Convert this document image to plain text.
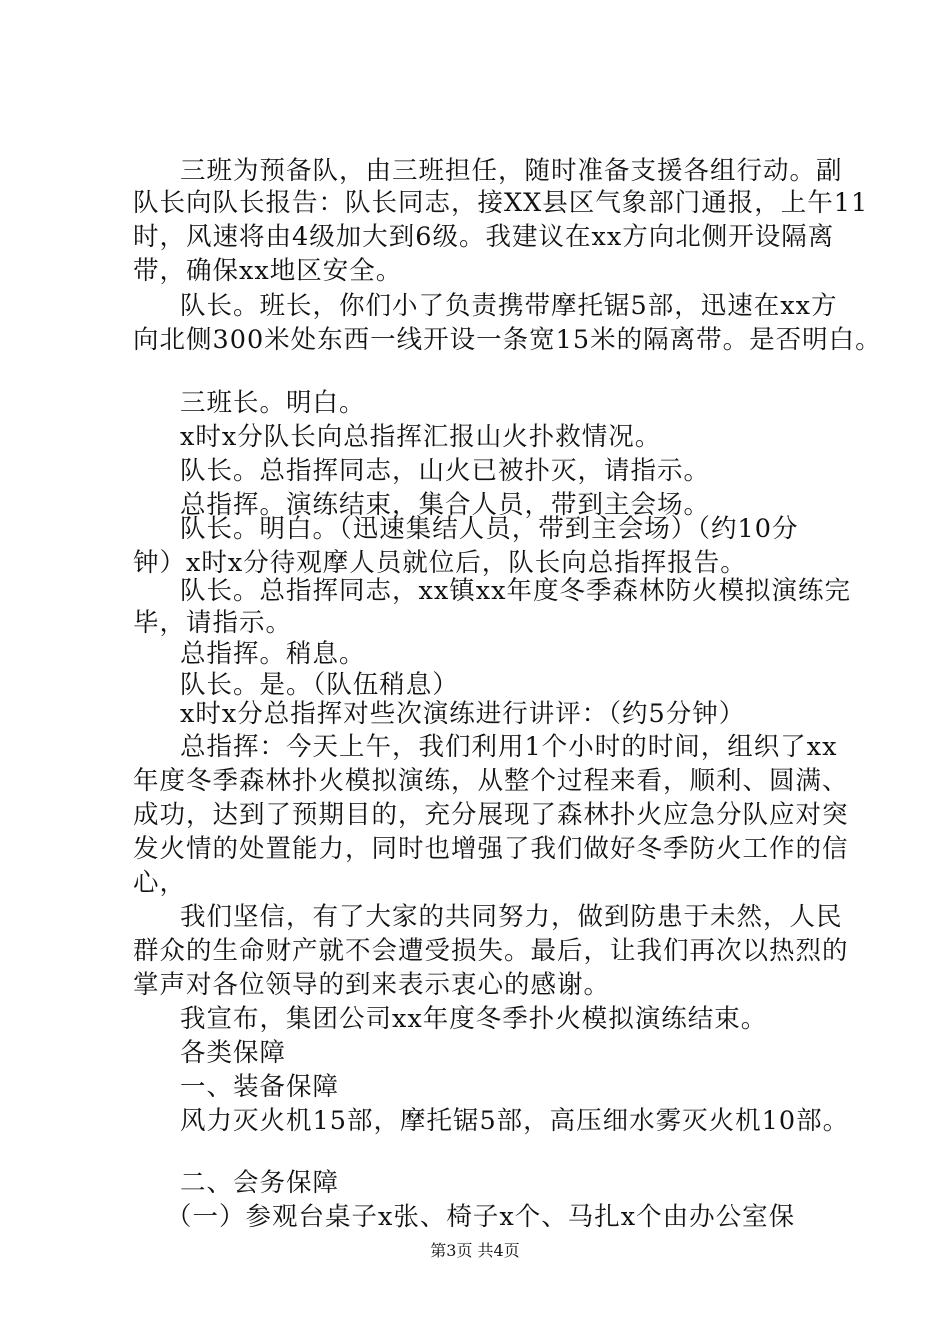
三班为预备队，由三班担任，随时准备支援各组行动。副
队长向队长报告：队长同志，接XX县区气象部门通报，上午11
时，风速将由4级加大到6级。我建议在xx方向北侧开设隔离
带，确保xx地区安全。
队长。班长，你们小了负责携带摩托锯5部，迅速在xx方
向北侧300米处东西一线开设一条宽15米的隔离带。是否明白。
三班长。明白。
x时x分队长向总指挥汇报山火扑救情况。
队长。总指挥同志，山火已被扑灭，请指示。
总指挥。演练结束，集合人员，带到主会场。
队长。明白。（迅速集结人员，带到主会场）（约10分
钟）x时x分待观摩人员就位后，队长向总指挥报告。
队长。总指挥同志，xx镇xx年度冬季森林防火模拟演练完
毕，请指示。
总指挥。稍息。
队长。是。（队伍稍息）
x时x分总指挥对些次演练进行讲评：（约5分钟）
总指挥：今天上午，我们利用1个小时的时间，组织了xx
年度冬季森林扑火模拟演练，从整个过程来看，顺利、圆满、
成功，达到了预期目的，充分展现了森林扑火应急分队应对突
发火情的处置能力，同时也增强了我们做好冬季防火工作的信
心，
我们坚信，有了大家的共同努力，做到防患于未然，人民
群众的生命财产就不会遭受损失。最后，让我们再次以热烈的
掌声对各位领导的到来表示衷心的感谢。
我宣布，集团公司xx年度冬季扑火模拟演练结束。
各类保障
一、装备保障
风力灭火机15部，摩托锯5部，高压细水雾灭火机10部。
二、会务保障
（一）参观台桌子x张、椅子x个、马扎x个由办公室保
第3页 共4页
